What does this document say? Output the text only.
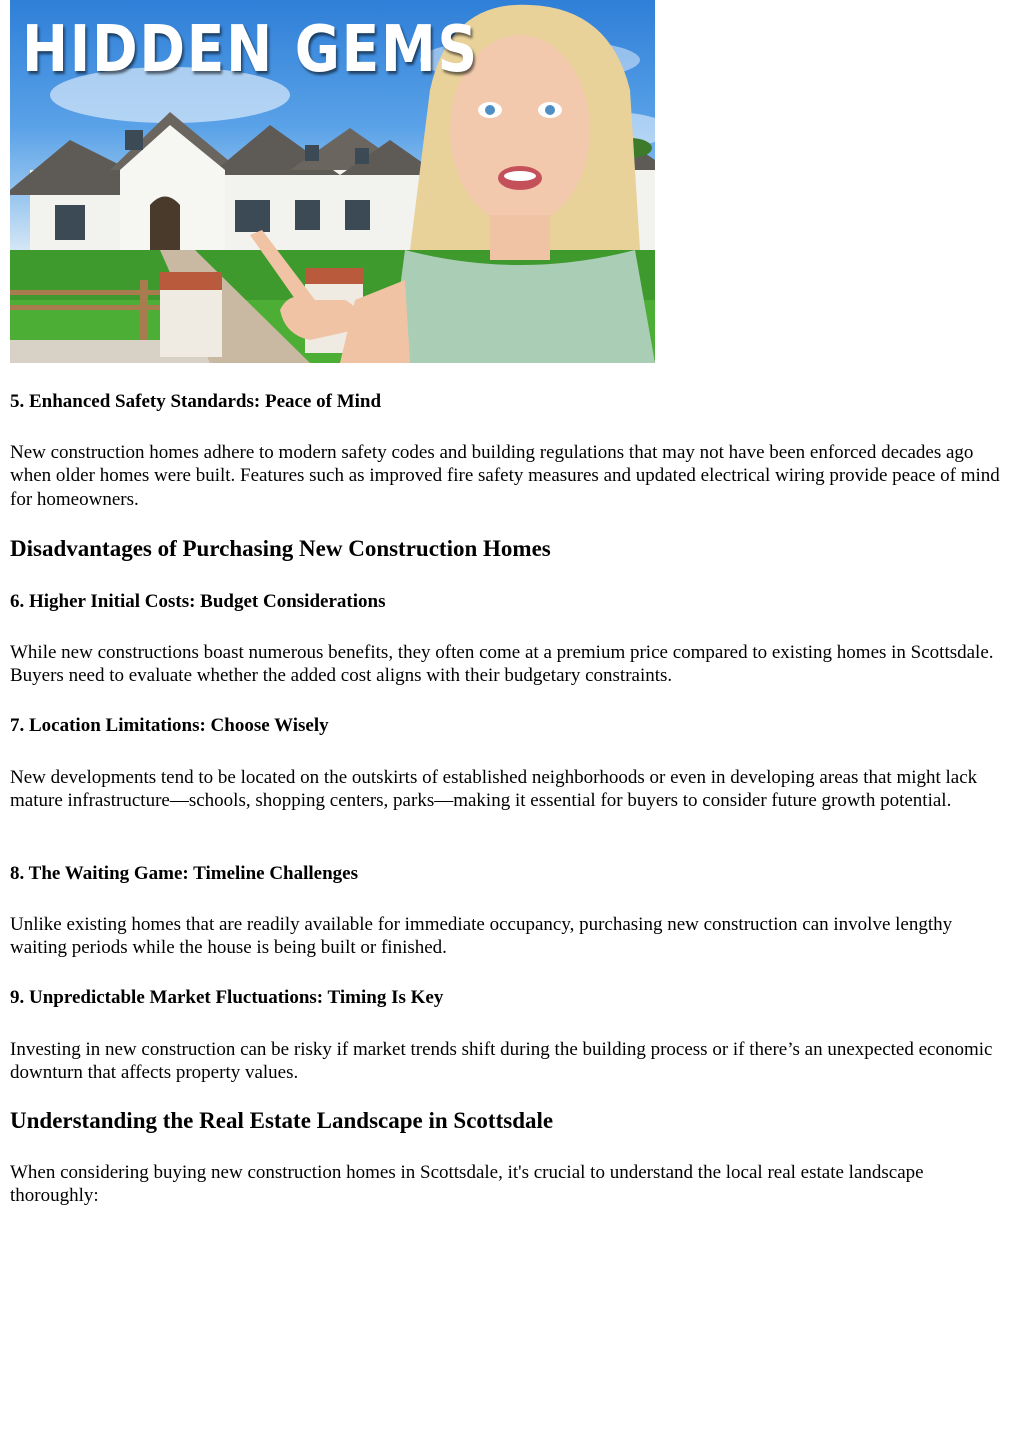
HIDDEN GEMS
5. Enhanced Safety Standards: Peace of Mind

New construction homes adhere to modern safety codes and building regulations that may not have been enforced decades ago when older homes were built. Features such as improved fire safety measures and updated electrical wiring provide peace of mind for homeowners.

Disadvantages of Purchasing New Construction Homes
6. Higher Initial Costs: Budget Considerations

While new constructions boast numerous benefits, they often come at a premium price compared to existing homes in Scottsdale. Buyers need to evaluate whether the added cost aligns with their budgetary constraints.

7. Location Limitations: Choose Wisely

New developments tend to be located on the outskirts of established neighborhoods or even in developing areas that might lack mature infrastructure—schools, shopping centers, parks—making it essential for buyers to consider future growth potential.

8. The Waiting Game: Timeline Challenges

Unlike existing homes that are readily available for immediate occupancy, purchasing new construction can involve lengthy waiting periods while the house is being built or finished.

9. Unpredictable Market Fluctuations: Timing Is Key

Investing in new construction can be risky if market trends shift during the building process or if there’s an unexpected economic downturn that affects property values.

Understanding the Real Estate Landscape in Scottsdale

When considering buying new construction homes in Scottsdale, it's crucial to understand the local real estate landscape thoroughly:
